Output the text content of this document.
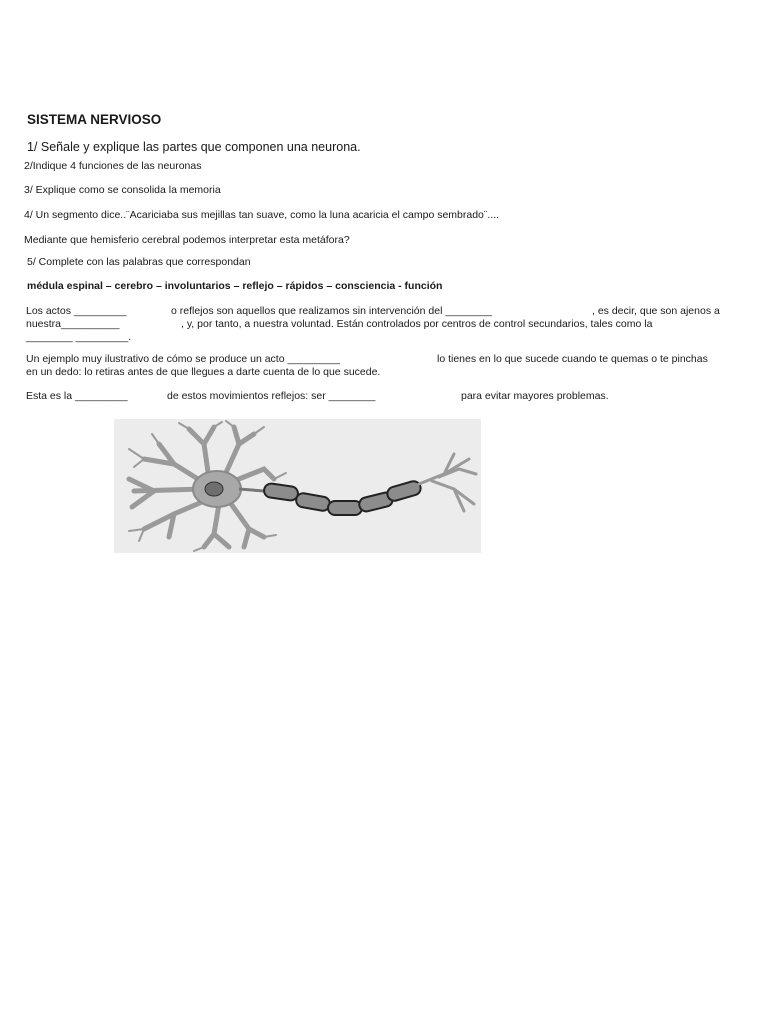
SISTEMA NERVIOSO
1/ Señale y explique las partes que componen una neurona.
2/Indique 4 funciones de las neuronas
3/ Explique como se consolida la memoria
4/ Un segmento dice..¨Acariciaba sus mejillas tan suave, como la luna acaricia el campo sembrado¨....
Mediante que hemisferio cerebral podemos interpretar esta metáfora?
5/ Complete con las palabras que correspondan
médula espinal – cerebro – involuntarios – reflejo – rápidos – consciencia - función
Los actos _________	o reflejos son aquellos que realizamos sin intervención del ________	, es decir, que son ajenos a
nuestra__________	, y, por tanto, a nuestra voluntad. Están controlados por centros de control secundarios, tales como la
________ _________.
Un ejemplo muy ilustrativo de cómo se produce un acto _________	lo tienes en lo que sucede cuando te quemas o te pinchas
en un dedo: lo retiras antes de que llegues a darte cuenta de lo que sucede.
Esta es la _________	de estos movimientos reflejos: ser ________	para evitar mayores problemas.
